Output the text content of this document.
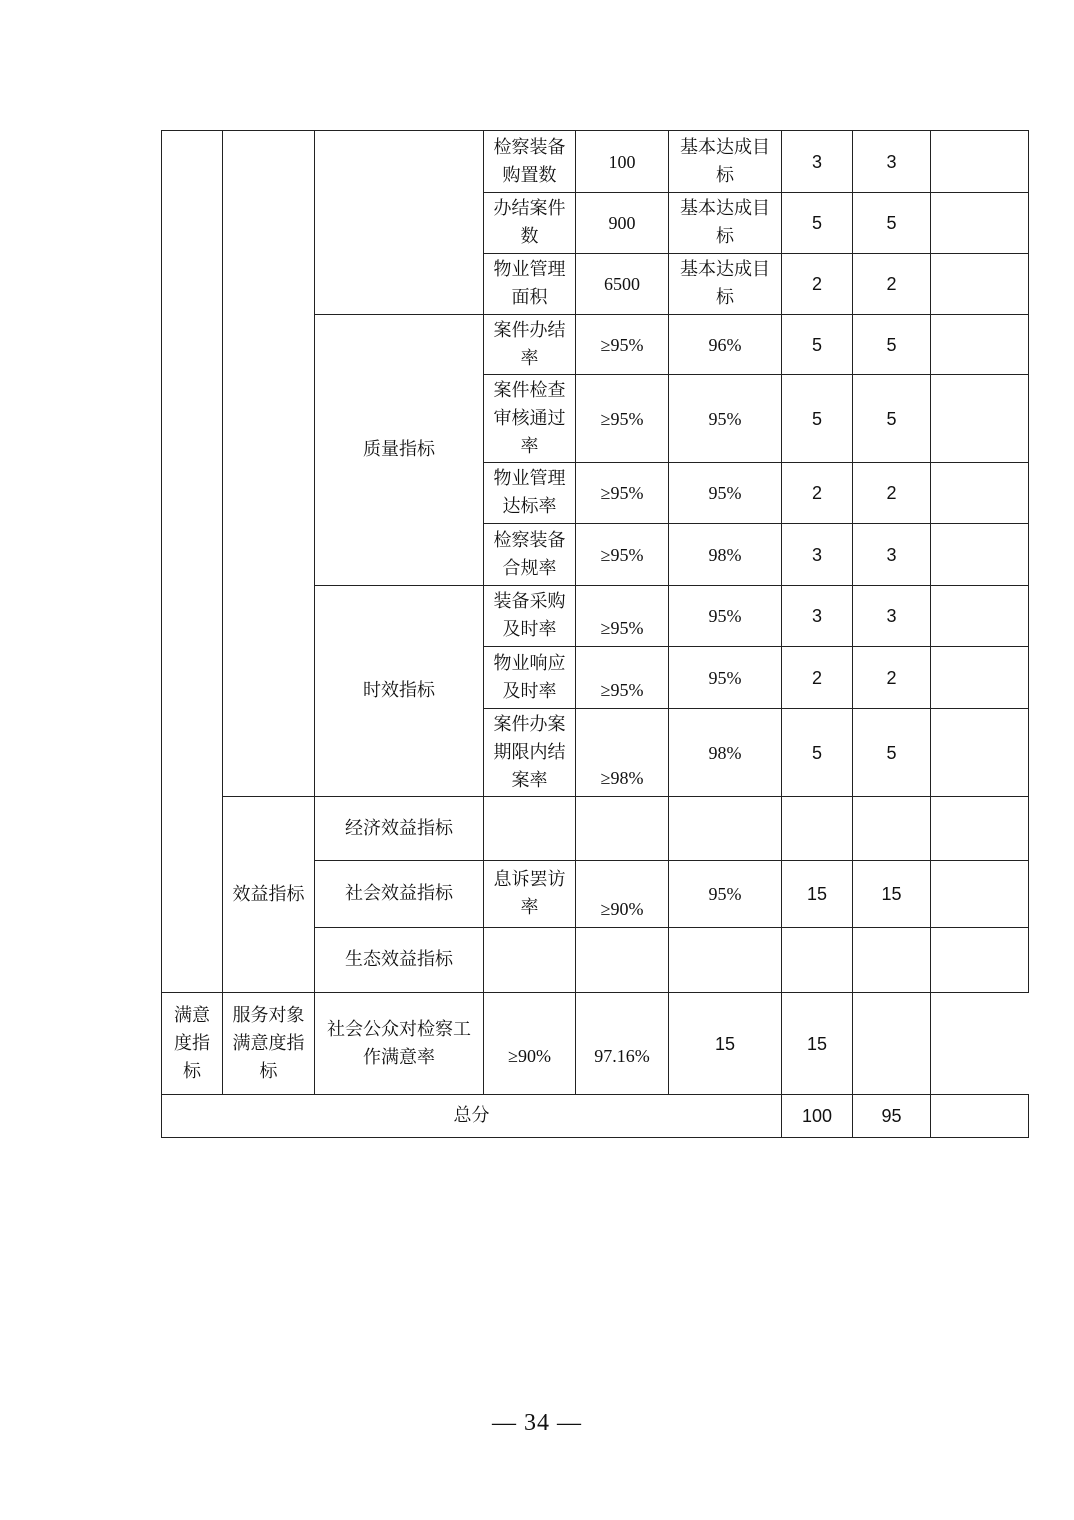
			检察装备购置数	100	基本达成目标	3	3	
			办结案件数	900	基本达成目标	5	5	
			物业管理面积	6500	基本达成目标	2	2	
		质量指标	案件办结率	≥95%	96%	5	5	
			案件检查审核通过率	≥95%	95%	5	5	
			物业管理达标率	≥95%	95%	2	2	
			检察装备合规率	≥95%	98%	3	3	
		时效指标	装备采购及时率	≥95%	95%	3	3	
			物业响应及时率	≥95%	95%	2	2	
			案件办案期限内结案率	≥98%	98%	5	5	
	效益指标	经济效益指标						
		社会效益指标	息诉罢访率	≥90%	95%	15	15	
		生态效益指标						
满意度指标	服务对象满意度指标	社会公众对检察工作满意率	≥90%	97.16%	15	15		
总分						100	95	
— 34 —
